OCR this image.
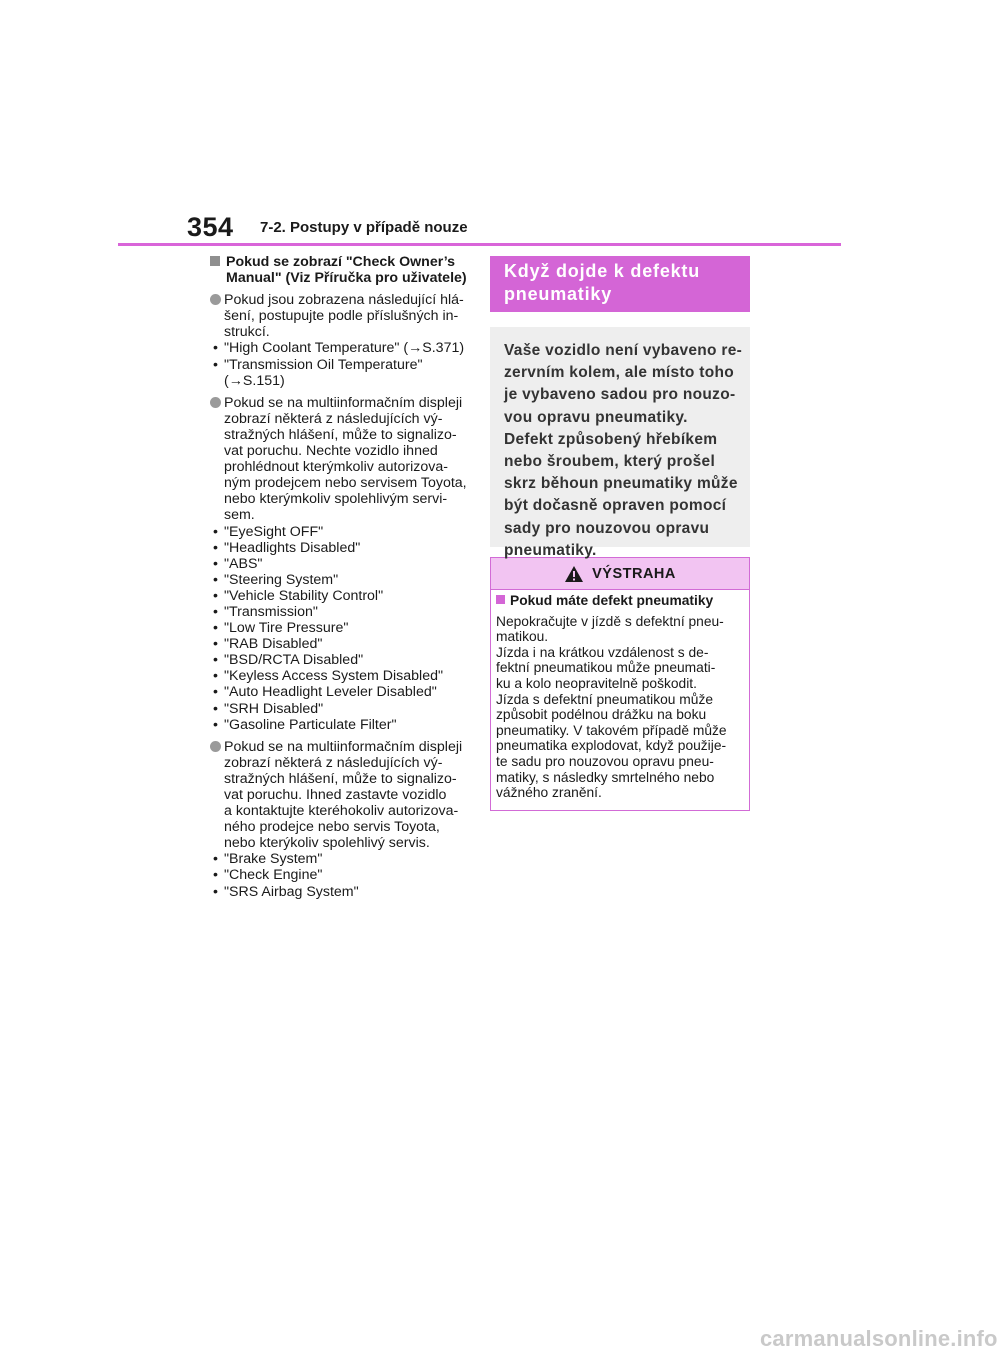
354 7-2. Postupy v případě nouze
Pokud se zobrazí "Check Owner’s
Manual" (Viz Příručka pro uživatele)
Pokud jsou zobrazena následující hlá-
šení, postupujte podle příslušných in-
strukcí.
• "High Coolant Temperature" (→S.371)
• "Transmission Oil Temperature"
(→S.151)
Pokud se na multiinformačním displeji
zobrazí některá z následujících vý-
stražných hlášení, může to signalizo-
vat poruchu. Nechte vozidlo ihned
prohlédnout kterýmkoliv autorizova-
ným prodejcem nebo servisem Toyota,
nebo kterýmkoliv spolehlivým servi-
sem.
• "EyeSight OFF"
• "Headlights Disabled"
• "ABS"
• "Steering System"
• "Vehicle Stability Control"
• "Transmission"
• "Low Tire Pressure"
• "RAB Disabled"
• "BSD/RCTA Disabled"
• "Keyless Access System Disabled"
• "Auto Headlight Leveler Disabled"
• "SRH Disabled"
• "Gasoline Particulate Filter"
Pokud se na multiinformačním displeji
zobrazí některá z následujících vý-
stražných hlášení, může to signalizo-
vat poruchu. Ihned zastavte vozidlo
a kontaktujte kteréhokoliv autorizova-
ného prodejce nebo servis Toyota,
nebo kterýkoliv spolehlivý servis.
• "Brake System"
• "Check Engine"
• "SRS Airbag System"
Když dojde k defektu
pneumatiky
Vaše vozidlo není vybaveno re-
zervním kolem, ale místo toho
je vybaveno sadou pro nouzo-
vou opravu pneumatiky.
Defekt způsobený hřebíkem
nebo šroubem, který prošel
skrz běhoun pneumatiky může
být dočasně opraven pomocí
sady pro nouzovou opravu
pneumatiky.
VÝSTRAHA
Pokud máte defekt pneumatiky
Nepokračujte v jízdě s defektní pneu-
matikou.
Jízda i na krátkou vzdálenost s de-
fektní pneumatikou může pneumati-
ku a kolo neopravitelně poškodit.
Jízda s defektní pneumatikou může
způsobit podélnou drážku na boku
pneumatiky. V takovém případě může
pneumatika explodovat, když použije-
te sadu pro nouzovou opravu pneu-
matiky, s následky smrtelného nebo
vážného zranění.
carmanualsonline.info
